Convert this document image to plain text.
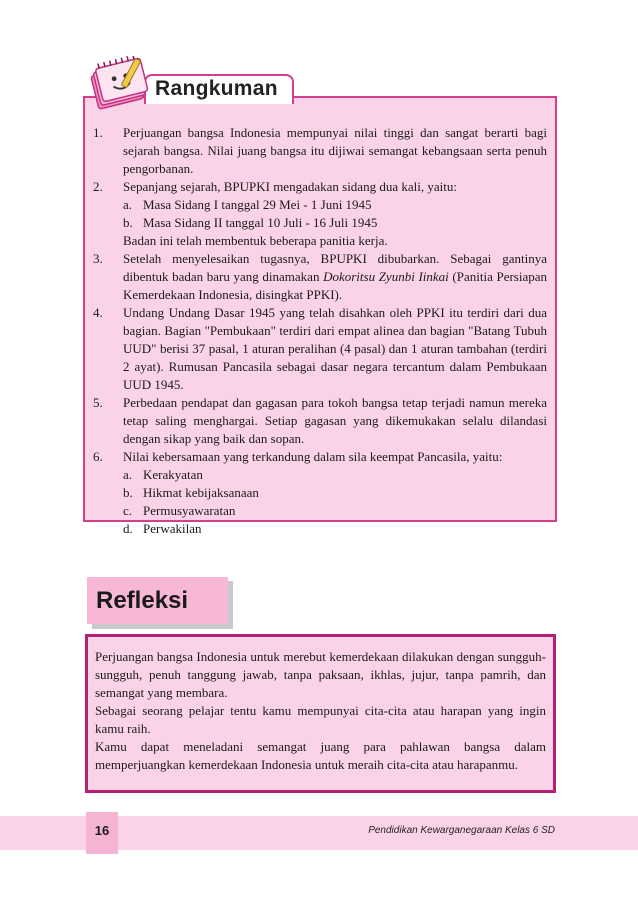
Rangkuman
1. Perjuangan bangsa Indonesia mempunyai nilai tinggi dan sangat berarti bagi sejarah bangsa. Nilai juang bangsa itu dijiwai semangat kebangsaan serta penuh pengorbanan.
2. Sepanjang sejarah, BPUPKI mengadakan sidang dua kali, yaitu:
a. Masa Sidang I tanggal 29 Mei - 1 Juni 1945
b. Masa Sidang II tanggal 10 Juli - 16 Juli 1945
Badan ini telah membentuk beberapa panitia kerja.
3. Setelah menyelesaikan tugasnya, BPUPKI dibubarkan. Sebagai gantinya dibentuk badan baru yang dinamakan Dokoritsu Zyunbi Iinkai (Panitia Persiapan Kemerdekaan Indonesia, disingkat PPKI).
4. Undang Undang Dasar 1945 yang telah disahkan oleh PPKI itu terdiri dari dua bagian. Bagian "Pembukaan" terdiri dari empat alinea dan bagian "Batang Tubuh UUD" berisi 37 pasal, 1 aturan peralihan (4 pasal) dan 1 aturan tambahan (terdiri 2 ayat). Rumusan Pancasila sebagai dasar negara tercantum dalam Pembukaan UUD 1945.
5. Perbedaan pendapat dan gagasan para tokoh bangsa tetap terjadi namun mereka tetap saling menghargai. Setiap gagasan yang dikemukakan selalu dilandasi dengan sikap yang baik dan sopan.
6. Nilai kebersamaan yang terkandung dalam sila keempat Pancasila, yaitu:
a. Kerakyatan
b. Hikmat kebijaksanaan
c. Permusyawaratan
d. Perwakilan
Refleksi

Perjuangan bangsa Indonesia untuk merebut kemerdekaan dilakukan dengan sungguh-sungguh, penuh tanggung jawab, tanpa paksaan, ikhlas, jujur, tanpa pamrih, dan semangat yang membara.

Sebagai seorang pelajar tentu kamu mempunyai cita-cita atau harapan yang ingin kamu raih.

Kamu dapat meneladani semangat juang para pahlawan bangsa dalam memperjuangkan kemerdekaan Indonesia untuk meraih cita-cita atau harapanmu.

16	Pendidikan Kewarganegaraan Kelas 6 SD
